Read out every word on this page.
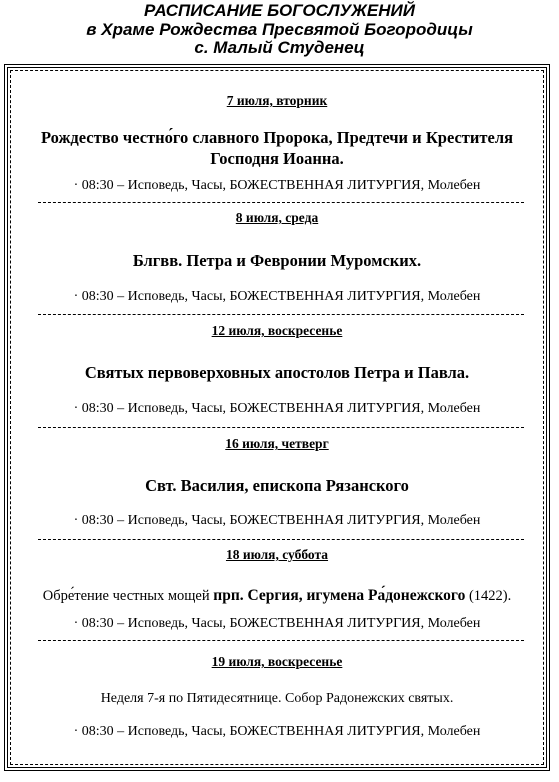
РАСПИСАНИЕ БОГОСЛУЖЕНИЙ
в Храме Рождества Пресвятой Богородицы
с. Малый Студенец
7 июля, вторник
Рождество честно́го славного Пророка, Предтечи и Крестителя Господня Иоанна.
· 08:30 – Исповедь, Часы, БОЖЕСТВЕННАЯ ЛИТУРГИЯ, Молебен
8 июля, среда
Блгвв. Петра и Февронии Муромских.
· 08:30 – Исповедь, Часы, БОЖЕСТВЕННАЯ ЛИТУРГИЯ, Молебен
12 июля, воскресенье
Святых первоверховных апостолов Петра и Павла.
· 08:30 – Исповедь, Часы, БОЖЕСТВЕННАЯ ЛИТУРГИЯ, Молебен
16 июля, четверг
Свт. Василия, епископа Рязанского
· 08:30 – Исповедь, Часы, БОЖЕСТВЕННАЯ ЛИТУРГИЯ, Молебен
18 июля, суббота
Обре́тение честных мощей прп. Сергия, игумена Ра́донежского (1422).
· 08:30 – Исповедь, Часы, БОЖЕСТВЕННАЯ ЛИТУРГИЯ, Молебен
19 июля, воскресенье
Неделя 7-я по Пятидесятнице. Собор Радонежских святых.
· 08:30 – Исповедь, Часы, БОЖЕСТВЕННАЯ ЛИТУРГИЯ, Молебен
